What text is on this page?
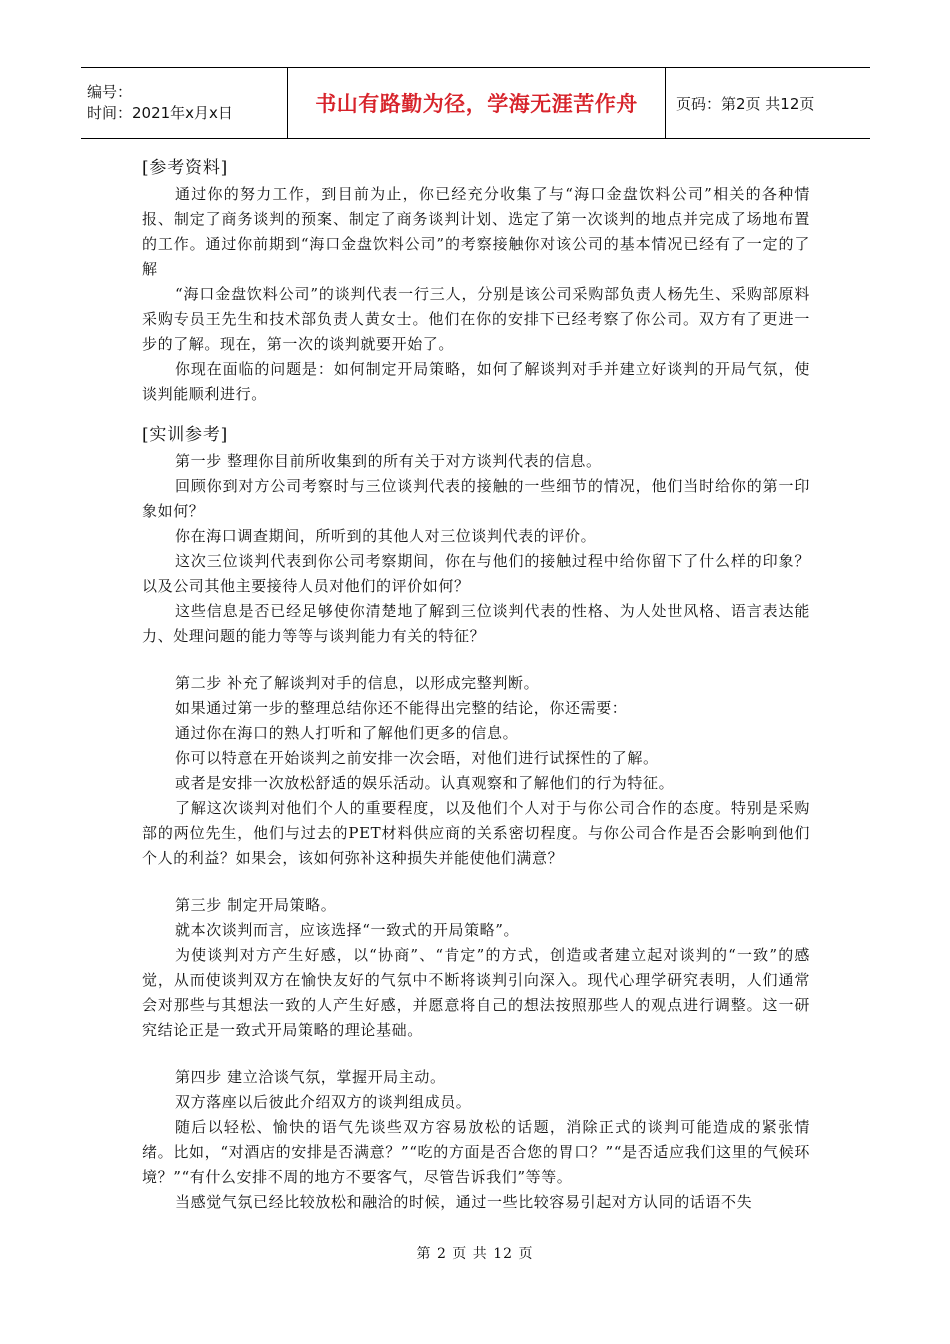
编号：
时间：2021年x月x日	书山有路勤为径，学海无涯苦作舟	页码：第2页 共12页

[参考资料]

通过你的努力工作，到目前为止，你已经充分收集了与“海口金盘饮料公司”相关的各种情报、制定了商务谈判的预案、制定了商务谈判计划、选定了第一次谈判的地点并完成了场地布置的工作。通过你前期到“海口金盘饮料公司”的考察接触你对该公司的基本情况已经有了一定的了解

“海口金盘饮料公司”的谈判代表一行三人，分别是该公司采购部负责人杨先生、采购部原料采购专员王先生和技术部负责人黄女士。他们在你的安排下已经考察了你公司。双方有了更进一步的了解。现在，第一次的谈判就要开始了。

你现在面临的问题是：如何制定开局策略，如何了解谈判对手并建立好谈判的开局气氛，使谈判能顺利进行。

[实训参考]

第一步 整理你目前所收集到的所有关于对方谈判代表的信息。

回顾你到对方公司考察时与三位谈判代表的接触的一些细节的情况，他们当时给你的第一印象如何？

你在海口调查期间，所听到的其他人对三位谈判代表的评价。

这次三位谈判代表到你公司考察期间，你在与他们的接触过程中给你留下了什么样的印象？以及公司其他主要接待人员对他们的评价如何？

这些信息是否已经足够使你清楚地了解到三位谈判代表的性格、为人处世风格、语言表达能力、处理问题的能力等等与谈判能力有关的特征？

第二步 补充了解谈判对手的信息，以形成完整判断。

如果通过第一步的整理总结你还不能得出完整的结论，你还需要：

通过你在海口的熟人打听和了解他们更多的信息。

你可以特意在开始谈判之前安排一次会晤，对他们进行试探性的了解。

或者是安排一次放松舒适的娱乐活动。认真观察和了解他们的行为特征。

了解这次谈判对他们个人的重要程度，以及他们个人对于与你公司合作的态度。特别是采购部的两位先生，他们与过去的PET材料供应商的关系密切程度。与你公司合作是否会影响到他们个人的利益？如果会，该如何弥补这种损失并能使他们满意？

第三步 制定开局策略。

就本次谈判而言，应该选择“一致式的开局策略”。

为使谈判对方产生好感，以“协商”、“肯定”的方式，创造或者建立起对谈判的“一致”的感觉，从而使谈判双方在愉快友好的气氛中不断将谈判引向深入。现代心理学研究表明，人们通常会对那些与其想法一致的人产生好感，并愿意将自己的想法按照那些人的观点进行调整。这一研究结论正是一致式开局策略的理论基础。

第四步 建立洽谈气氛，掌握开局主动。

双方落座以后彼此介绍双方的谈判组成员。

随后以轻松、愉快的语气先谈些双方容易放松的话题，消除正式的谈判可能造成的紧张情绪。比如，“对酒店的安排是否满意？”“吃的方面是否合您的胃口？”“是否适应我们这里的气候环境？”“有什么安排不周的地方不要客气，尽管告诉我们”等等。

当感觉气氛已经比较放松和融洽的时候，通过一些比较容易引起对方认同的话语不失

第 2 页 共 12 页
